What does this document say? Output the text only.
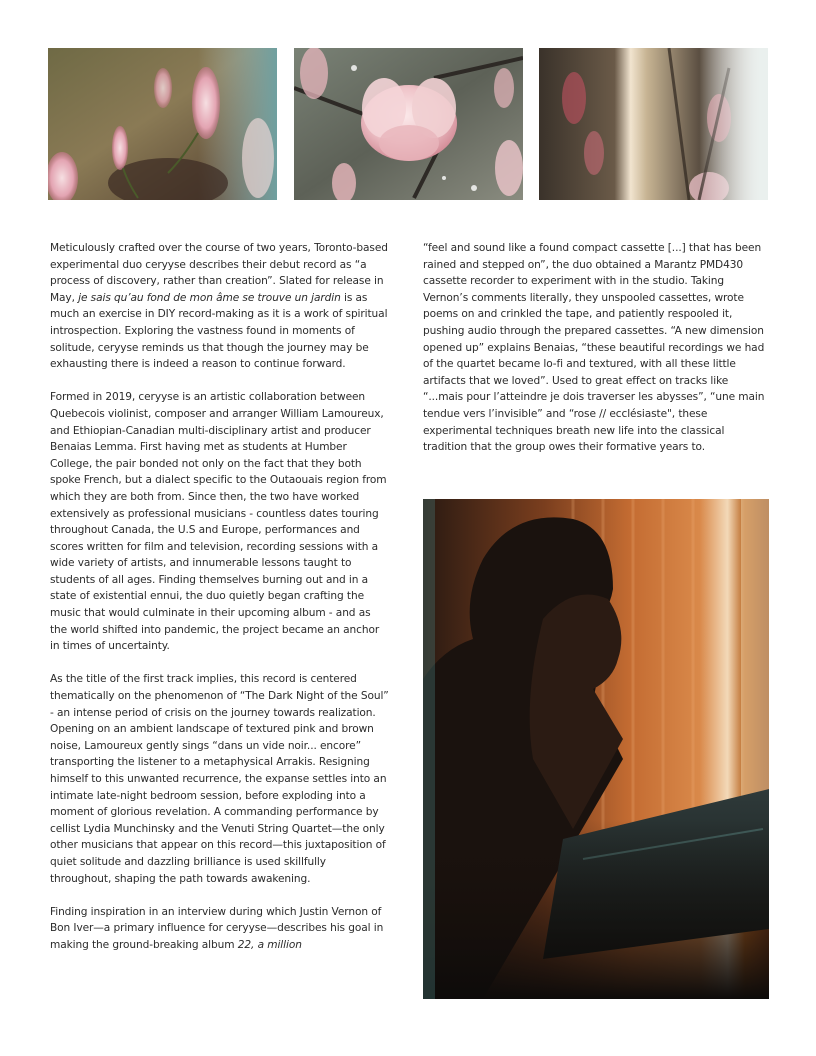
Meticulously crafted over the course of two years, Toronto-based experimental duo ceryyse describes their debut record as “a process of discovery, rather than creation”. Slated for release in May, je sais qu’au fond de mon âme se trouve un jardin is as much an exercise in DIY record-making as it is a work of spiritual introspection. Exploring the vastness found in moments of solitude, ceryyse reminds us that though the journey may be exhausting there is indeed a reason to continue forward.

Formed in 2019, ceryyse is an artistic collaboration between Quebecois violinist, composer and arranger William Lamoureux, and Ethiopian-Canadian multi-disciplinary artist and producer Benaias Lemma. First having met as students at Humber College, the pair bonded not only on the fact that they both spoke French, but a dialect specific to the Outaouais region from which they are both from. Since then, the two have worked extensively as professional musicians - countless dates touring throughout Canada, the U.S and Europe, performances and scores written for film and television, recording sessions with a wide variety of artists, and innumerable lessons taught to students of all ages. Finding themselves burning out and in a state of existential ennui, the duo quietly began crafting the music that would culminate in their upcoming album - and as the world shifted into pandemic, the project became an anchor in times of uncertainty.

As the title of the first track implies, this record is centered thematically on the phenomenon of “The Dark Night of the Soul” - an intense period of crisis on the journey towards realization. Opening on an ambient landscape of textured pink and brown noise, Lamoureux gently sings “dans un vide noir... encore” transporting the listener to a metaphysical Arrakis. Resigning himself to this unwanted recurrence, the expanse settles into an intimate late-night bedroom session, before exploding into a moment of glorious revelation. A commanding performance by cellist Lydia Munchinsky and the Venuti String Quartet—the only other musicians that appear on this record—this juxtaposition of quiet solitude and dazzling brilliance is used skillfully throughout, shaping the path towards awakening.

Finding inspiration in an interview during which Justin Vernon of Bon Iver—a primary influence for ceryyse—describes his goal in making the ground-breaking album 22, a million

“feel and sound like a found compact cassette [...] that has been rained and stepped on”, the duo obtained a Marantz PMD430 cassette recorder to experiment with in the studio. Taking Vernon’s comments literally, they unspooled cassettes, wrote poems on and crinkled the tape, and patiently respooled it, pushing audio through the prepared cassettes. “A new dimension opened up” explains Benaias, “these beautiful recordings we had of the quartet became lo-fi and textured, with all these little artifacts that we loved”. Used to great effect on tracks like “...mais pour l’atteindre je dois traverser les abysses”, “une main tendue vers l’invisible” and “rose // ecclésiaste", these experimental techniques breath new life into the classical tradition that the group owes their formative years to.
